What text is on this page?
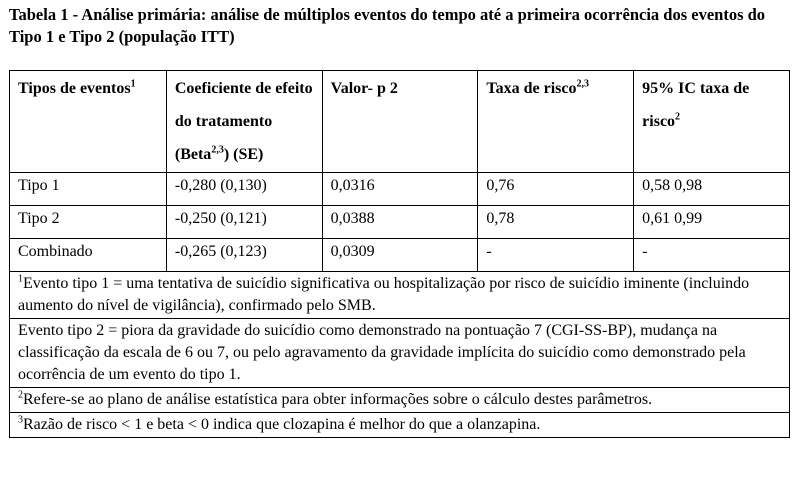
Tabela 1 - Análise primária: análise de múltiplos eventos do tempo até a primeira ocorrência dos eventos do Tipo 1 e Tipo 2 (população ITT)
Tipos de eventos$^1$	Coeficiente de efeito do tratamento (Beta$^{2,3}$) (SE)	Valor- p 2	Taxa de risco$^{2,3}$	95% IC taxa de risco$^2$
Tipo 1	-0,280 (0,130)	0,0316	0,76	0,58 0,98
Tipo 2	-0,250 (0,121)	0,0388	0,78	0,61 0,99
Combinado	-0,265 (0,123)	0,0309	-	-
$^1$Evento tipo 1 = uma tentativa de suicídio significativa ou hospitalização por risco de suicídio iminente (incluindo aumento do nível de vigilância), confirmado pelo SMB.				
Evento tipo 2 = piora da gravidade do suicídio como demonstrado na pontuação 7 (CGI-SS-BP), mudança na classificação da escala de 6 ou 7, ou pelo agravamento da gravidade implícita do suicídio como demonstrado pela ocorrência de um evento do tipo 1.				
$^2$Refere-se ao plano de análise estatística para obter informações sobre o cálculo destes parâmetros.				
$^3$Razão de risco < 1 e beta < 0 indica que clozapina é melhor do que a olanzapina.				
